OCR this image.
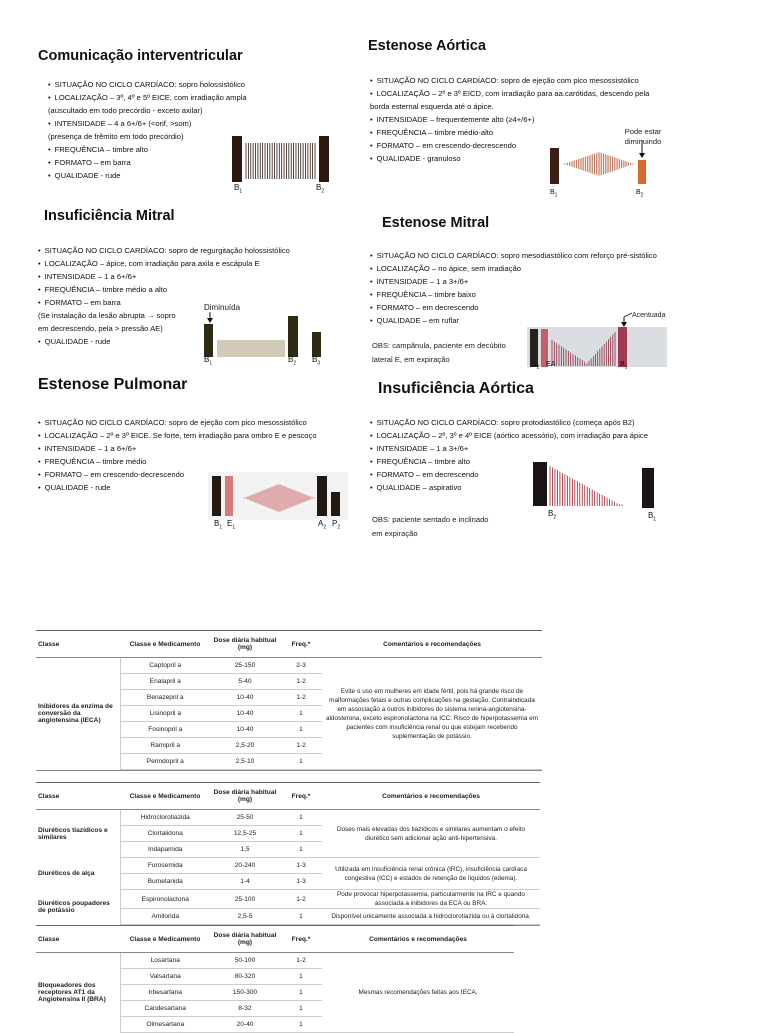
Comunicação interventricular
• SITUAÇÃO NO CICLO CARDÍACO: sopro holossistólico
• LOCALIZAÇÃO – 3º, 4º e 5º EICE, com irradiação ampla
(auscultado em todo precórdio - exceto axilar)
• INTENSIDADE – 4 a 6+/6+ (<orif, >som)
(presença de frêmito em todo precórdio)
• FREQUÊNCIA – timbre alto
• FORMATO – em barra
• QUALIDADE - rude
$B_1$	$B_2$
Estenose Aórtica
• SITUAÇÃO NO CICLO CARDÍACO: sopro de ejeção com pico mesossistólico
• LOCALIZAÇÃO – 2º e 3º EICD, com irradiação para aa.carótidas, descendo pela
borda esternal esquerda até o ápice.
• INTENSIDADE – frequentemente alto (≥4+/6+)
• FREQUÊNCIA – timbre médio-alto
• FORMATO – em crescendo-decrescendo
• QUALIDADE - granuloso
Pode estar diminuindo
$B_1$	$B_2$
Insuficiência Mitral
• SITUAÇÃO NO CICLO CARDÍACO: sopro de regurgitação holossistólico
• LOCALIZAÇÃO – ápice, com irradiação para axila e escápula E
• INTENSIDADE – 1 a 6+/6+
• FREQUÊNCIA – timbre médio a alto
• FORMATO – em barra
(Se instalação da lesão abrupta → sopro
em decrescendo, pela > pressão AE)
• QUALIDADE - rude
Diminuída
$B_1$	$B_2$ $B_3$
Estenose Mitral
• SITUAÇÃO NO CICLO CARDÍACO: sopro mesodiastólico com reforço pré-sistólico
• LOCALIZAÇÃO – no ápice, sem irradiação
• INTENSIDADE – 1 a 3+/6+
• FREQUÊNCIA – timbre baixo
• FORMATO – em decrescendo
• QUALIDADE – em ruflar
OBS: campânula, paciente em decúbito
lateral E, em expiração
Acentuada
$B_2$ EA	$B_1$
Estenose Pulmonar
• SITUAÇÃO NO CICLO CARDÍACO: sopro de ejeção com pico mesossistólico
• LOCALIZAÇÃO – 2º e 3º EICE. Se forte, tem irradiação para ombro E e pescoço
• INTENSIDADE – 1 a 6+/6+
• FREQUÊNCIA – timbre médio
• FORMATO – em crescendo-decrescendo
• QUALIDADE - rude
$B_1$ $E_1$	$A_2$ $P_2$
Insuficiência Aórtica
• SITUAÇÃO NO CICLO CARDÍACO: sopro protodiastólico (começa após B2)
• LOCALIZAÇÃO – 2º, 3º e 4º EICE (aórtico acessório), com irradiação para ápice
• INTENSIDADE – 1 a 3+/6+
• FREQUÊNCIA – timbre alto
• FORMATO – em decrescendo
• QUALIDADE – aspirativo
$B_2$	$B_1$
OBS: paciente sentado e inclinado
em expiração
Classe	Classe e Medicamento	Dose diária habitual (mg)	Freq.*	Comentários e recomendações
Inibidores da enzima de conversão da angiotensina (IECA)	Captopril a	25-150	2-3	Evite o uso em mulheres em idade fértil, pois há grande risco de malformações fetais e outras complicações na gestação. Contraindicada em associação a outros inibidores do sistema renina-angiotensina-aldosterona, exceto espironolactona na ICC. Risco de hiperpotassemia em pacientes com insuficiência renal ou que estejam recebendo suplementação de potássio.
	Enalapril a	5-40	1-2	
	Benazepril a	10-40	1-2	
	Lisinopril a	10-40	1	
	Fosinopril a	10-40	1	
	Ramipril a	2,5-20	1-2	
	Perindopril a	2,5-10	1	
Classe	Classe e Medicamento	Dose diária habitual (mg)	Freq.*	Comentários e recomendações
Diuréticos tiazídicos e similares	Hidroclorotiazida	25-50	1	Doses mais elevadas dos tiazídicos e similares aumentam o efeito diurético sem adicionar ação anti-hipertensiva.
	Clortalidona	12,5-25	1	
	Indapamida	1,5	1	
Diuréticos de alça	Furosemida	20-240	1-3	Utilizada em insuficiência renal crônica (IRC), insuficiência cardíaca congestiva (ICC) e estados de retenção de líquidos (edema).
	Bumetanida	1-4	1-3	
Diuréticos poupadores de potássio	Espironolactona	25-100	1-2	Pode provocar hiperpotassemia, particularmente na IRC e quando associada a inibidores da ECA ou BRA.
	Amilorida	2,5-5	1	Disponível unicamente associada à hidroclorotiazida ou à clortalidona.
Classe	Classe e Medicamento	Dose diária habitual (mg)	Freq.*	Comentários e recomendações
Bloqueadores dos receptores AT1 da Angiotensina II (BRA)	Losartana	50-100	1-2	Mesmas recomendações feitas aos IECA.
	Valsartana	80-320	1	
	Irbesartana	150-300	1	
	Candesartana	8-32	1	
	Olmesartana	20-40	1	
